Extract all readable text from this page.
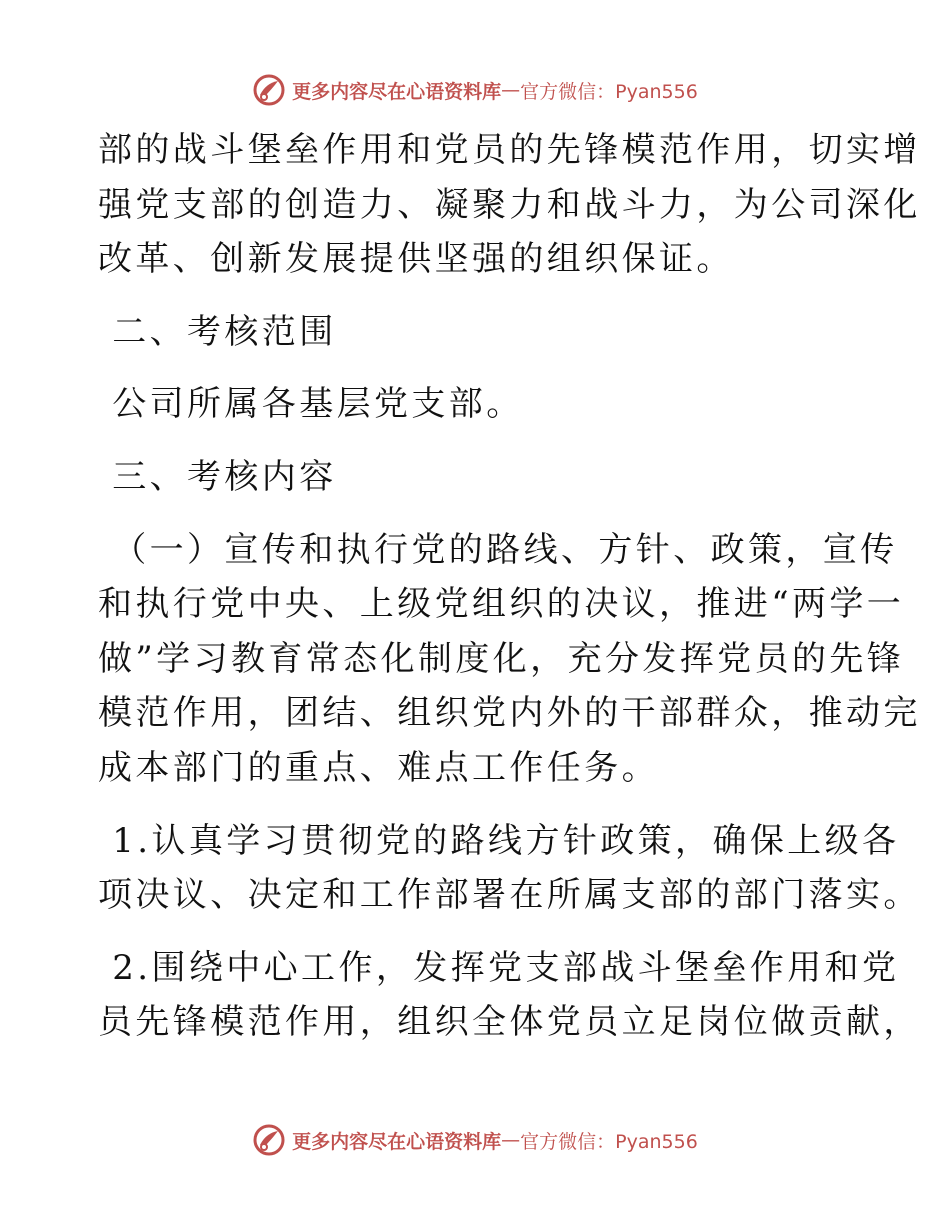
更多内容尽在心语资料库 — 官方微信：Pyan556

部的战斗堡垒作用和党员的先锋模范作用，切实增
强党支部的创造力、凝聚力和战斗力，为公司深化
改革、创新发展提供坚强的组织保证。

二、考核范围

公司所属各基层党支部。

三、考核内容

（一）宣传和执行党的路线、方针、政策，宣传
和执行党中央、上级党组织的决议，推进“两学一
做”学习教育常态化制度化，充分发挥党员的先锋
模范作用，团结、组织党内外的干部群众，推动完
成本部门的重点、难点工作任务。

1.认真学习贯彻党的路线方针政策，确保上级各
项决议、决定和工作部署在所属支部的部门落实。

2.围绕中心工作，发挥党支部战斗堡垒作用和党
员先锋模范作用，组织全体党员立足岗位做贡献，

更多内容尽在心语资料库 — 官方微信：Pyan556
